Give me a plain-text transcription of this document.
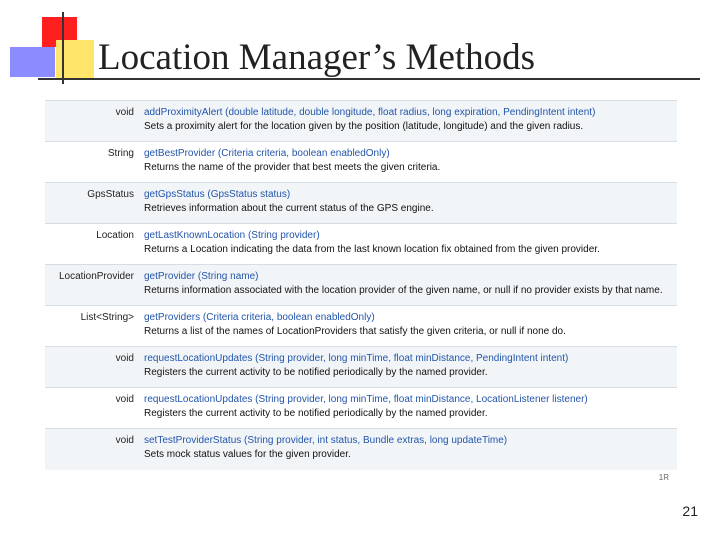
Location Manager’s Methods
void	addProximityAlert (double latitude, double longitude, float radius, long expiration, PendingIntent intent)
Sets a proximity alert for the location given by the position (latitude, longitude) and the given radius.

String	getBestProvider (Criteria criteria, boolean enabledOnly)
Returns the name of the provider that best meets the given criteria.

GpsStatus	getGpsStatus (GpsStatus status)
Retrieves information about the current status of the GPS engine.

Location	getLastKnownLocation (String provider)
Returns a Location indicating the data from the last known location fix obtained from the given provider.

LocationProvider	getProvider (String name)
Returns information associated with the location provider of the given name, or null if no provider exists by that name.

List<String>	getProviders (Criteria criteria, boolean enabledOnly)
Returns a list of the names of LocationProviders that satisfy the given criteria, or null if none do.

void	requestLocationUpdates (String provider, long minTime, float minDistance, PendingIntent intent)
Registers the current activity to be notified periodically by the named provider.

void	requestLocationUpdates (String provider, long minTime, float minDistance, LocationListener listener)
Registers the current activity to be notified periodically by the named provider.

void	setTestProviderStatus (String provider, int status, Bundle extras, long updateTime)
Sets mock status values for the given provider.
1R
21
